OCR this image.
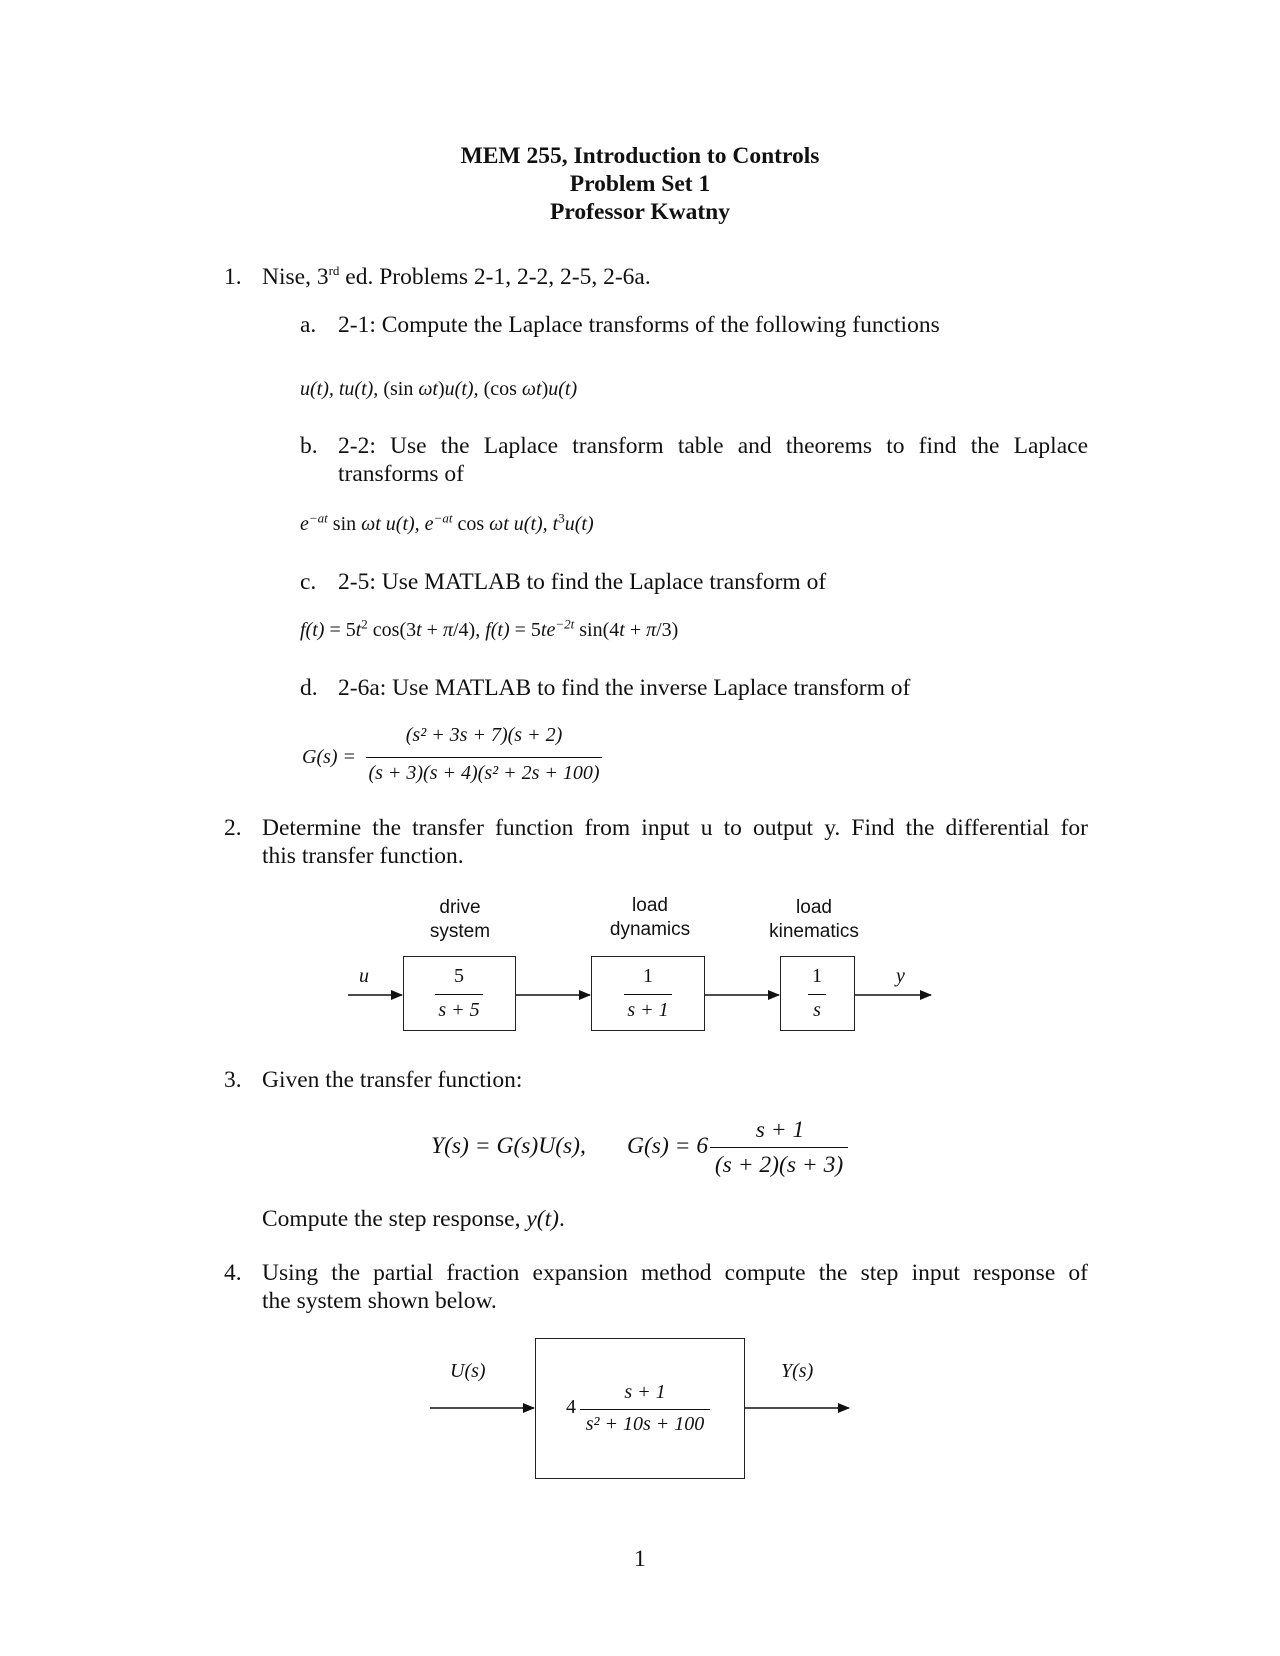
MEM 255, Introduction to Controls
Problem Set 1
Professor Kwatny
1. Nise, 3rd ed. Problems 2-1, 2-2, 2-5, 2-6a.
a. 2-1: Compute the Laplace transforms of the following functions
u(t), tu(t), (sin ωt)u(t), (cos ωt)u(t)
b. 2-2: Use the Laplace transform table and theorems to find the Laplace
transforms of
$e^{-at}$ sin ωt u(t), $e^{-at}$ cos ωt u(t), $t^3u(t)$
c. 2-5: Use MATLAB to find the Laplace transform of
$f(t) = 5t^2$ cos(3t + π/4), $f(t) = 5te^{-2t}$ sin(4t + π/3)
d. 2-6a: Use MATLAB to find the inverse Laplace transform of
G(s) =
(s² + 3s + 7)(s + 2)
(s + 3)(s + 4)(s² + 2s + 100)
2. Determine the transfer function from input u to output y. Find the differential for
this transfer function.
drive
system
load
dynamics
load
kinematics
5
s + 5
1
s + 1
1
s
u	y
3. Given the transfer function:
Y(s) = G(s)U(s), G(s) = 6
s + 1
(s + 2)(s + 3)
Compute the step response, y(t).
4. Using the partial fraction expansion method compute the step input response of
the system shown below.
U(s)	Y(s)
4
s + 1
s² + 10s + 100
1
